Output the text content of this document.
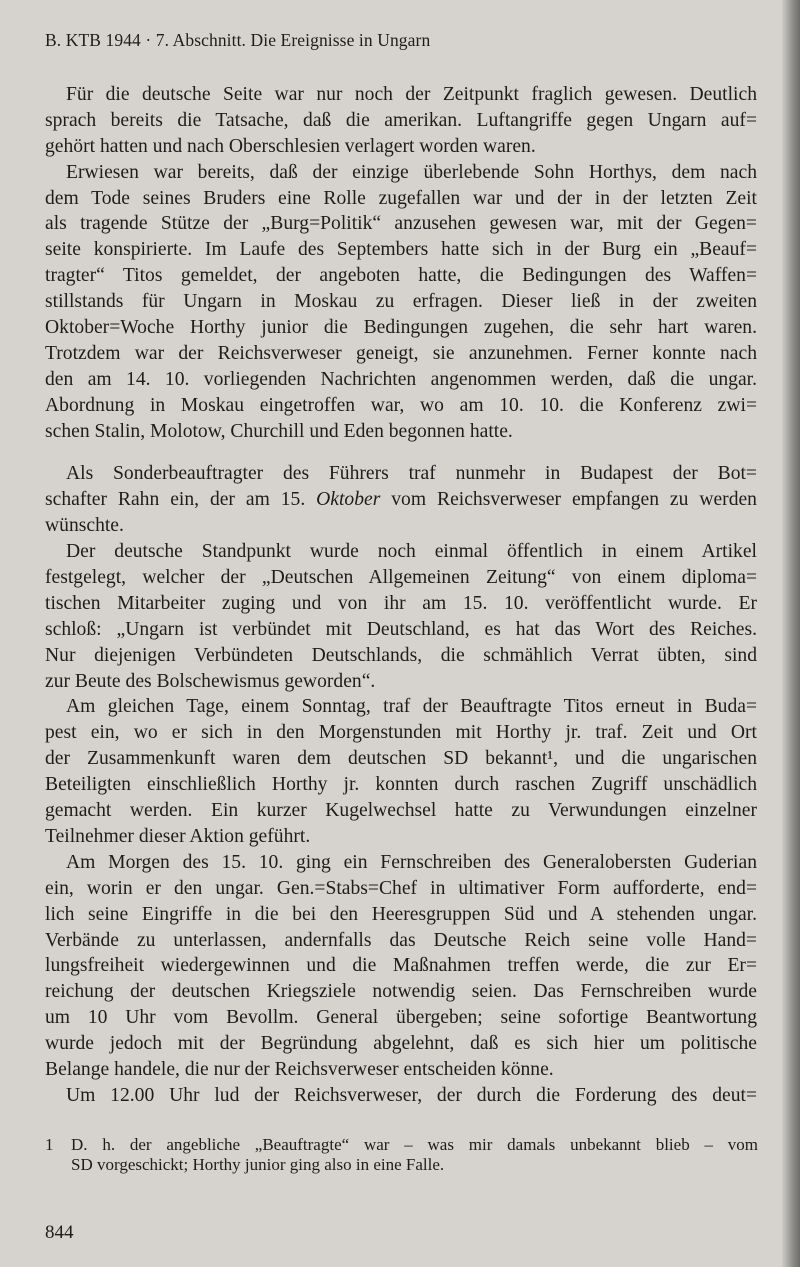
B. KTB 1944 · 7. Abschnitt. Die Ereignisse in Ungarn
Für die deutsche Seite war nur noch der Zeitpunkt fraglich gewesen. Deutlich
sprach bereits die Tatsache, daß die amerikan. Luftangriffe gegen Ungarn auf=
gehört hatten und nach Oberschlesien verlagert worden waren.
Erwiesen war bereits, daß der einzige überlebende Sohn Horthys, dem nach
dem Tode seines Bruders eine Rolle zugefallen war und der in der letzten Zeit
als tragende Stütze der „Burg=Politik“ anzusehen gewesen war, mit der Gegen=
seite konspirierte. Im Laufe des Septembers hatte sich in der Burg ein „Beauf=
tragter“ Titos gemeldet, der angeboten hatte, die Bedingungen des Waffen=
stillstands für Ungarn in Moskau zu erfragen. Dieser ließ in der zweiten
Oktober=Woche Horthy junior die Bedingungen zugehen, die sehr hart waren.
Trotzdem war der Reichsverweser geneigt, sie anzunehmen. Ferner konnte nach
den am 14. 10. vorliegenden Nachrichten angenommen werden, daß die ungar.
Abordnung in Moskau eingetroffen war, wo am 10. 10. die Konferenz zwi=
schen Stalin, Molotow, Churchill und Eden begonnen hatte.
Als Sonderbeauftragter des Führers traf nunmehr in Budapest der Bot=
schafter Rahn ein, der am 15. Oktober vom Reichsverweser empfangen zu werden
wünschte.
Der deutsche Standpunkt wurde noch einmal öffentlich in einem Artikel
festgelegt, welcher der „Deutschen Allgemeinen Zeitung“ von einem diploma=
tischen Mitarbeiter zuging und von ihr am 15. 10. veröffentlicht wurde. Er
schloß: „Ungarn ist verbündet mit Deutschland, es hat das Wort des Reiches.
Nur diejenigen Verbündeten Deutschlands, die schmählich Verrat übten, sind
zur Beute des Bolschewismus geworden“.
Am gleichen Tage, einem Sonntag, traf der Beauftragte Titos erneut in Buda=
pest ein, wo er sich in den Morgenstunden mit Horthy jr. traf. Zeit und Ort
der Zusammenkunft waren dem deutschen SD bekannt¹, und die ungarischen
Beteiligten einschließlich Horthy jr. konnten durch raschen Zugriff unschädlich
gemacht werden. Ein kurzer Kugelwechsel hatte zu Verwundungen einzelner
Teilnehmer dieser Aktion geführt.
Am Morgen des 15. 10. ging ein Fernschreiben des Generalobersten Guderian
ein, worin er den ungar. Gen.=Stabs=Chef in ultimativer Form aufforderte, end=
lich seine Eingriffe in die bei den Heeresgruppen Süd und A stehenden ungar.
Verbände zu unterlassen, andernfalls das Deutsche Reich seine volle Hand=
lungsfreiheit wiedergewinnen und die Maßnahmen treffen werde, die zur Er=
reichung der deutschen Kriegsziele notwendig seien. Das Fernschreiben wurde
um 10 Uhr vom Bevollm. General übergeben; seine sofortige Beantwortung
wurde jedoch mit der Begründung abgelehnt, daß es sich hier um politische
Belange handele, die nur der Reichsverweser entscheiden könne.
Um 12.00 Uhr lud der Reichsverweser, der durch die Forderung des deut=
1	D. h. der angebliche „Beauftragte“ war – was mir damals unbekannt blieb – vom
SD vorgeschickt; Horthy junior ging also in eine Falle.
844
